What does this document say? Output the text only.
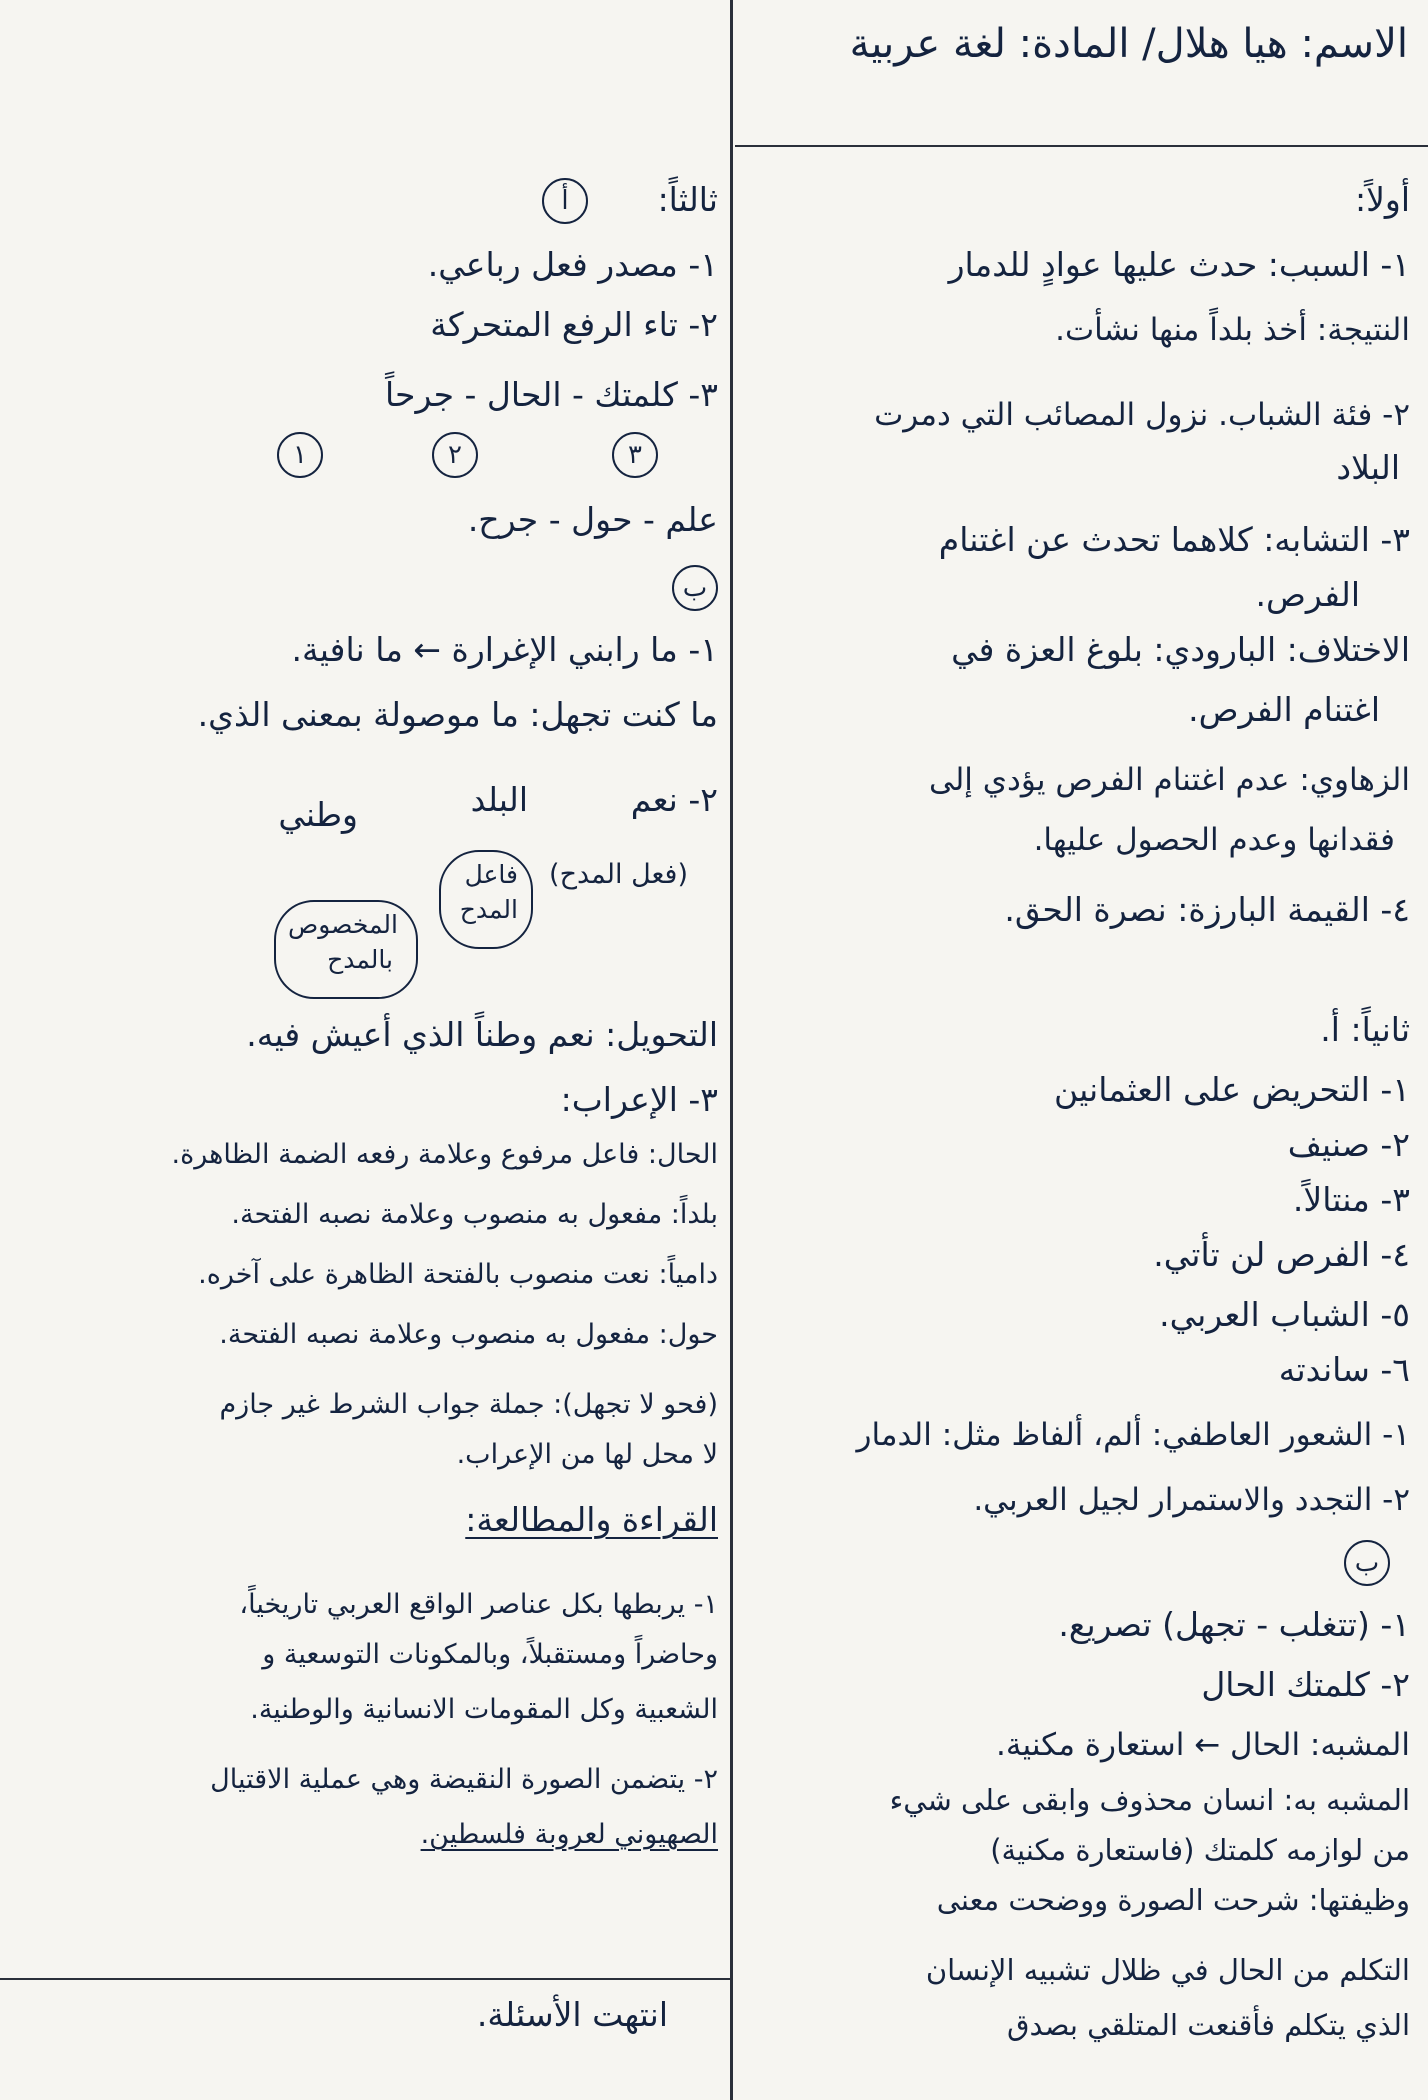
الاسم: هيا هلال/ المادة: لغة عربية
أولاً:
١- السبب: حدث عليها عوادٍ للدمار
النتيجة: أخذ بلداً منها نشأت.
٢- فئة الشباب. نزول المصائب التي دمرت
البلاد
٣- التشابه: كلاهما تحدث عن اغتنام
الفرص.
الاختلاف: البارودي: بلوغ العزة في
اغتنام الفرص.
الزهاوي: عدم اغتنام الفرص يؤدي إلى
فقدانها وعدم الحصول عليها.
٤- القيمة البارزة: نصرة الحق.
ثانياً: أ.
١- التحريض على العثمانين
٢- صنيف
٣- منتالاً.
٤- الفرص لن تأتي.
٥- الشباب العربي.
٦- ساندته
١- الشعور العاطفي: ألم، ألفاظ مثل: الدمار
٢- التجدد والاستمرار لجيل العربي.
ب
١- (تتغلب - تجهل) تصريع.
٢- كلمتك الحال
المشبه: الحال ← استعارة مكنية.
المشبه به: انسان محذوف وابقى على شيء
من لوازمه كلمتك (فاستعارة مكنية)
وظيفتها: شرحت الصورة ووضحت معنى
التكلم من الحال في ظلال تشبيه الإنسان
الذي يتكلم فأقنعت المتلقي بصدق
ثالثاً:
أ
١- مصدر فعل رباعي.
٢- تاء الرفع المتحركة
٣- كلمتك - الحال - جرحاً
٣
٢
١
علم - حول - جرح.
ب
١- ما رابني الإغرارة ← ما نافية.
ما كنت تجهل: ما موصولة بمعنى الذي.
٢- نعم
البلد
وطني
(فعل المدح)
فاعل
المدح
المخصوص
بالمدح
التحويل: نعم وطناً الذي أعيش فيه.
٣- الإعراب:
الحال: فاعل مرفوع وعلامة رفعه الضمة الظاهرة.
بلداً: مفعول به منصوب وعلامة نصبه الفتحة.
دامياً: نعت منصوب بالفتحة الظاهرة على آخره.
حول: مفعول به منصوب وعلامة نصبه الفتحة.
(فحو لا تجهل): جملة جواب الشرط غير جازم
لا محل لها من الإعراب.
القراءة والمطالعة:
١- يربطها بكل عناصر الواقع العربي تاريخياً،
وحاضراً ومستقبلاً، وبالمكونات التوسعية و
الشعبية وكل المقومات الانسانية والوطنية.
٢- يتضمن الصورة النقيضة وهي عملية الاقتيال
الصهيوني لعروبة فلسطين.
انتهت الأسئلة.
